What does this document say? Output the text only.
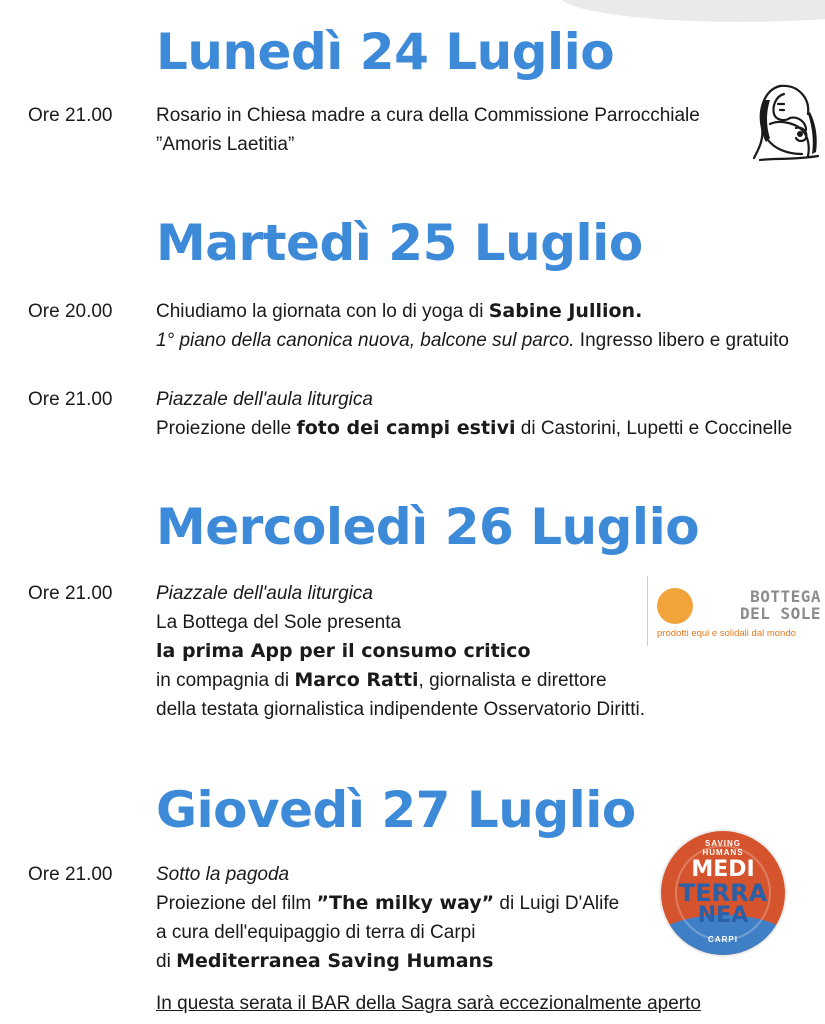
Lunedì 24 Luglio
Ore 21.00 Rosario in Chiesa madre a cura della Commissione Parrocchiale
”Amoris Laetitia”
Martedì 25 Luglio
Ore 20.00 Chiudiamo la giornata con lo di yoga di Sabine Jullion.
1° piano della canonica nuova, balcone sul parco. Ingresso libero e gratuito
Ore 21.00 Piazzale dell'aula liturgica
Proiezione delle foto dei campi estivi di Castorini, Lupetti e Coccinelle
Mercoledì 26 Luglio
Ore 21.00 Piazzale dell'aula liturgica
La Bottega del Sole presenta
la prima App per il consumo critico
in compagnia di Marco Ratti, giornalista e direttore
della testata giornalistica indipendente Osservatorio Diritti.
BOTTEGA
DEL SOLE
prodotti equi e solidali dal mondo
Giovedì 27 Luglio
Ore 21.00 Sotto la pagoda
Proiezione del film ”The milky way” di Luigi D'Alife
a cura dell'equipaggio di terra di Carpi
di Mediterranea Saving Humans
In questa serata il BAR della Sagra sarà eccezionalmente aperto
SAVING HUMANS
MEDI
TERRA
NEA
CARPI
